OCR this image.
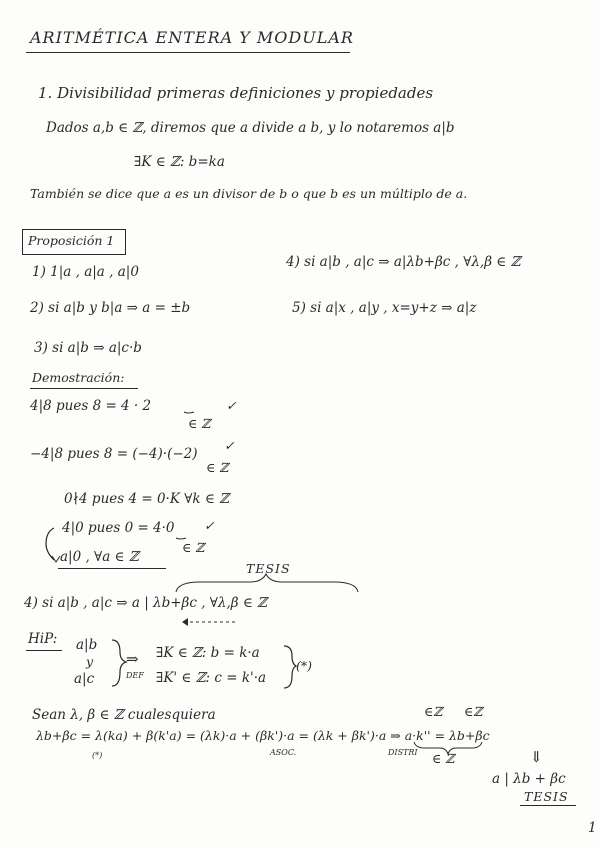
ARITMÉTICA ENTERA Y MODULAR
1. Divisibilidad primeras definiciones y propiedades
Dados a,b ∈ ℤ, diremos que a divide a b, y lo notaremos a|b
∃K ∈ ℤ: b=ka
También se dice que a es un divisor de b o que b es un múltiplo de a.
Proposición 1
1) 1|a , a|a , a|0
4) si a|b , a|c ⇒ a|λb+βc , ∀λ,β ∈ ℤ
2) si a|b y b|a ⇒ a = ±b	5) si a|x , a|y , x=y+z ⇒ a|z
3) si a|b ⇒ a|c·b
Demostración:
4|8 pues 8 = 4 · 2
∈ ℤ
✓
−4|8 pues 8 = (−4)·(−2)
∈ ℤ
✓
0∤4 pues 4 = 0·K ∀k ∈ ℤ
4|0 pues 0 = 4·0
∈ ℤ
✓
a|0 , ∀a ∈ ℤ
TESIS
4) si a|b , a|c ⇒ a | λb+βc , ∀λ,β ∈ ℤ
HiP: a|b
y
a|c
⇒
DEF
∃K ∈ ℤ: b = k·a
∃K' ∈ ℤ: c = k'·a
(*)
Sean λ, β ∈ ℤ cualesquiera	∈ℤ ∈ℤ
λb+βc = λ(ka) + β(k'a) = (λk)·a + (βk')·a = (λk + βk')·a ⇒ a·k'' = λb+βc
(*)	ASOC.	DISTRI ∈ ℤ	⇓
a | λb + βc
TESIS
1
